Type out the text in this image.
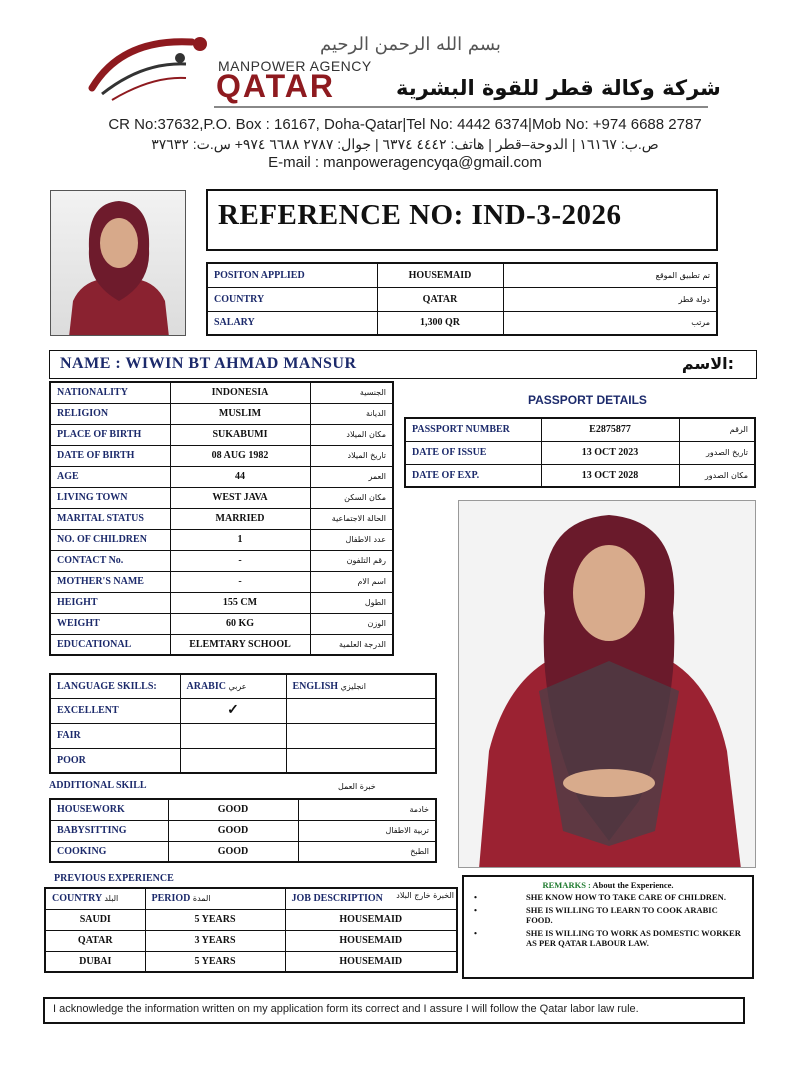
بسم الله الرحمن الرحيم
MANPOWER AGENCY
QATAR	شركة وكالة قطر للقوة البشرية
CR No:37632,P.O. Box : 16167, Doha-Qatar|Tel No: 4442 6374|Mob No: +974 6688 2787
ص.ب: ١٦١٦٧ | الدوحة–قطر | هاتف: ٤٤٤٢ ٦٣٧٤ | جوال: ٢٧٨٧ ٦٦٨٨ ٩٧٤+ س.ت: ٣٧٦٣٢
E-mail : manpoweragencyqa@gmail.com
REFERENCE NO: IND-3-2026
POSITON APPLIED	HOUSEMAID	تم تطبيق الموقع
COUNTRY	QATAR	دولة قطر
SALARY	1,300 QR	مرتب
NAME : WIWIN BT AHMAD MANSUR	الاسم:
NATIONALITY	INDONESIA	الجنسية
RELIGION	MUSLIM	الديانة
PLACE OF BIRTH	SUKABUMI	مكان الميلاد
DATE OF BIRTH	08 AUG 1982	تاريخ الميلاد
AGE	44	العمر
LIVING TOWN	WEST JAVA	مكان السكن
MARITAL STATUS	MARRIED	الحالة الاجتماعية
NO. OF CHILDREN	1	عدد الاطفال
CONTACT No.	-	رقم التلفون
MOTHER'S NAME	-	اسم الام
HEIGHT	155 CM	الطول
WEIGHT	60 KG	الوزن
EDUCATIONAL	ELEMTARY SCHOOL	الدرجة العلمية
PASSPORT DETAILS
PASSPORT NUMBER	E2875877	الرقم
DATE OF ISSUE	13 OCT 2023	تاريخ الصدور
DATE OF EXP.	13 OCT 2028	مكان الصدور
LANGUAGE SKILLS:	ARABIC عربي	ENGLISH انجليزي
EXCELLENT	✓	
FAIR		
POOR		
ADDITIONAL SKILL	خبرة العمل
HOUSEWORK	GOOD	خادمة
BABYSITTING	GOOD	تربية الاطفال
COOKING	GOOD	الطبخ
PREVIOUS EXPERIENCE
COUNTRY البلد	PERIOD المدة	JOB DESCRIPTION الخبرة خارج البلاد

SAUDI	5 YEARS	HOUSEMAID
QATAR	3 YEARS	HOUSEMAID
DUBAI	5 YEARS	HOUSEMAID
REMARKS : About the Experience.
• SHE KNOW HOW TO TAKE CARE OF CHILDREN.
• SHE IS WILLING TO LEARN TO COOK ARABIC FOOD.
• SHE IS WILLING TO WORK AS DOMESTIC WORKER AS PER QATAR LABOUR LAW.
I acknowledge the information written on my application form its correct and I assure I will follow the Qatar labor law rule.
